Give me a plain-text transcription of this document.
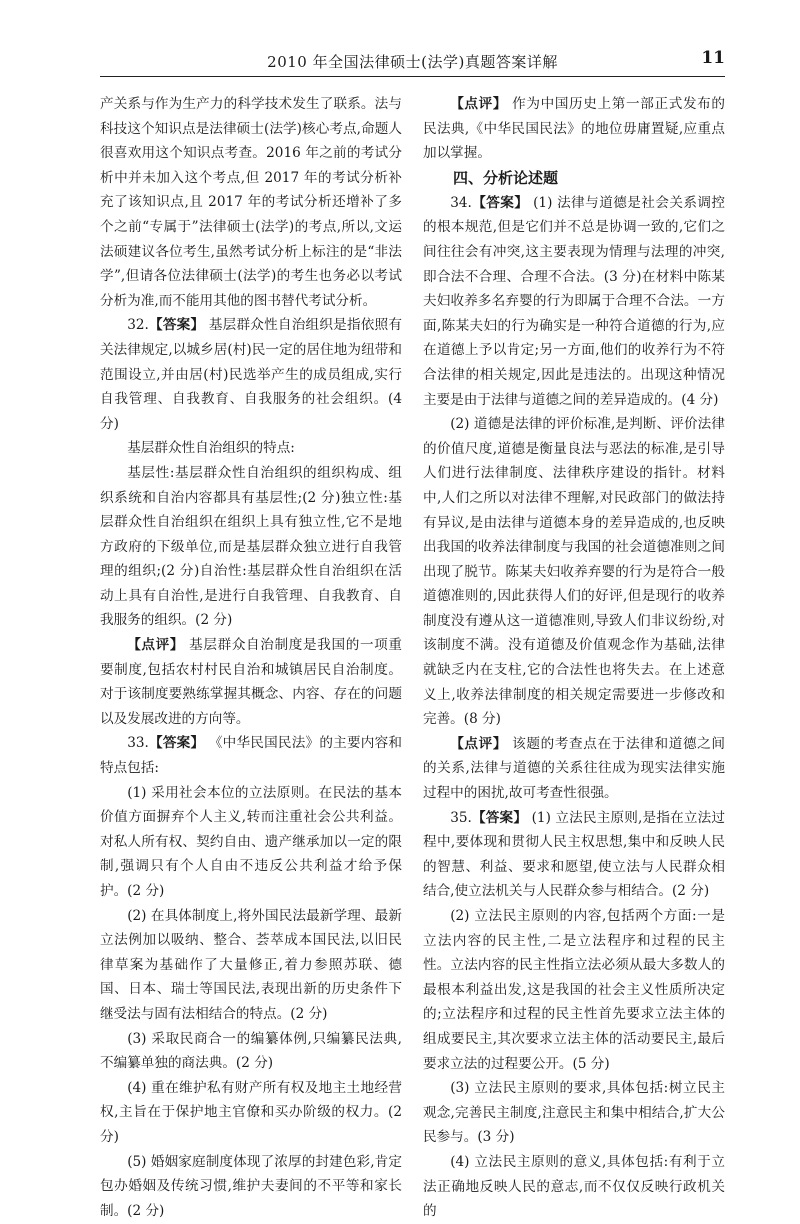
2010 年全国法律硕士(法学)真题答案详解	11

产关系与作为生产力的科学技术发生了联系。法与科技这个知识点是法律硕士(法学)核心考点,命题人很喜欢用这个知识点考查。2016 年之前的考试分析中并未加入这个考点,但 2017 年的考试分析补充了该知识点,且 2017 年的考试分析还增补了多个之前“专属于”法律硕士(法学)的考点,所以,文运法硕建议各位考生,虽然考试分析上标注的是“非法学”,但请各位法律硕士(法学)的考生也务必以考试分析为准,而不能用其他的图书替代考试分析。

32.【答案】 基层群众性自治组织是指依照有关法律规定,以城乡居(村)民一定的居住地为纽带和范围设立,并由居(村)民选举产生的成员组成,实行自我管理、自我教育、自我服务的社会组织。(4 分)

基层群众性自治组织的特点:

基层性:基层群众性自治组织的组织构成、组织系统和自治内容都具有基层性;(2 分)独立性:基层群众性自治组织在组织上具有独立性,它不是地方政府的下级单位,而是基层群众独立进行自我管理的组织;(2 分)自治性:基层群众性自治组织在活动上具有自治性,是进行自我管理、自我教育、自我服务的组织。(2 分)

【点评】 基层群众自治制度是我国的一项重要制度,包括农村村民自治和城镇居民自治制度。对于该制度要熟练掌握其概念、内容、存在的问题以及发展改进的方向等。

33.【答案】 《中华民国民法》的主要内容和特点包括:

(1) 采用社会本位的立法原则。在民法的基本价值方面摒弃个人主义,转而注重社会公共利益。对私人所有权、契约自由、遗产继承加以一定的限制,强调只有个人自由不违反公共利益才给予保护。(2 分)

(2) 在具体制度上,将外国民法最新学理、最新立法例加以吸纳、整合、荟萃成本国民法,以旧民律草案为基础作了大量修正,着力参照苏联、德国、日本、瑞士等国民法,表现出新的历史条件下继受法与固有法相结合的特点。(2 分)

(3) 采取民商合一的编纂体例,只编纂民法典,不编纂单独的商法典。(2 分)

(4) 重在维护私有财产所有权及地主土地经营权,主旨在于保护地主官僚和买办阶级的权力。(2 分)

(5) 婚姻家庭制度体现了浓厚的封建色彩,肯定包办婚姻及传统习惯,维护夫妻间的不平等和家长制。(2 分)

【点评】 作为中国历史上第一部正式发布的民法典,《中华民国民法》的地位毋庸置疑,应重点加以掌握。

四、分析论述题

34.【答案】 (1) 法律与道德是社会关系调控的根本规范,但是它们并不总是协调一致的,它们之间往往会有冲突,这主要表现为情理与法理的冲突,即合法不合理、合理不合法。(3 分)在材料中陈某夫妇收养多名弃婴的行为即属于合理不合法。一方面,陈某夫妇的行为确实是一种符合道德的行为,应在道德上予以肯定;另一方面,他们的收养行为不符合法律的相关规定,因此是违法的。出现这种情况主要是由于法律与道德之间的差异造成的。(4 分)

(2) 道德是法律的评价标准,是判断、评价法律的价值尺度,道德是衡量良法与恶法的标准,是引导人们进行法律制度、法律秩序建设的指针。材料中,人们之所以对法律不理解,对民政部门的做法持有异议,是由法律与道德本身的差异造成的,也反映出我国的收养法律制度与我国的社会道德准则之间出现了脱节。陈某夫妇收养弃婴的行为是符合一般道德准则的,因此获得人们的好评,但是现行的收养制度没有遵从这一道德准则,导致人们非议纷纷,对该制度不满。没有道德及价值观念作为基础,法律就缺乏内在支柱,它的合法性也将失去。在上述意义上,收养法律制度的相关规定需要进一步修改和完善。(8 分)

【点评】 该题的考查点在于法律和道德之间的关系,法律与道德的关系往往成为现实法律实施过程中的困扰,故可考查性很强。

35.【答案】 (1) 立法民主原则,是指在立法过程中,要体现和贯彻人民主权思想,集中和反映人民的智慧、利益、要求和愿望,使立法与人民群众相结合,使立法机关与人民群众参与相结合。(2 分)

(2) 立法民主原则的内容,包括两个方面:一是立法内容的民主性,二是立法程序和过程的民主性。立法内容的民主性指立法必须从最大多数人的最根本利益出发,这是我国的社会主义性质所决定的;立法程序和过程的民主性首先要求立法主体的组成要民主,其次要求立法主体的活动要民主,最后要求立法的过程要公开。(5 分)

(3) 立法民主原则的要求,具体包括:树立民主观念,完善民主制度,注意民主和集中相结合,扩大公民参与。(3 分)

(4) 立法民主原则的意义,具体包括:有利于立法正确地反映人民的意志,而不仅仅反映行政机关的
